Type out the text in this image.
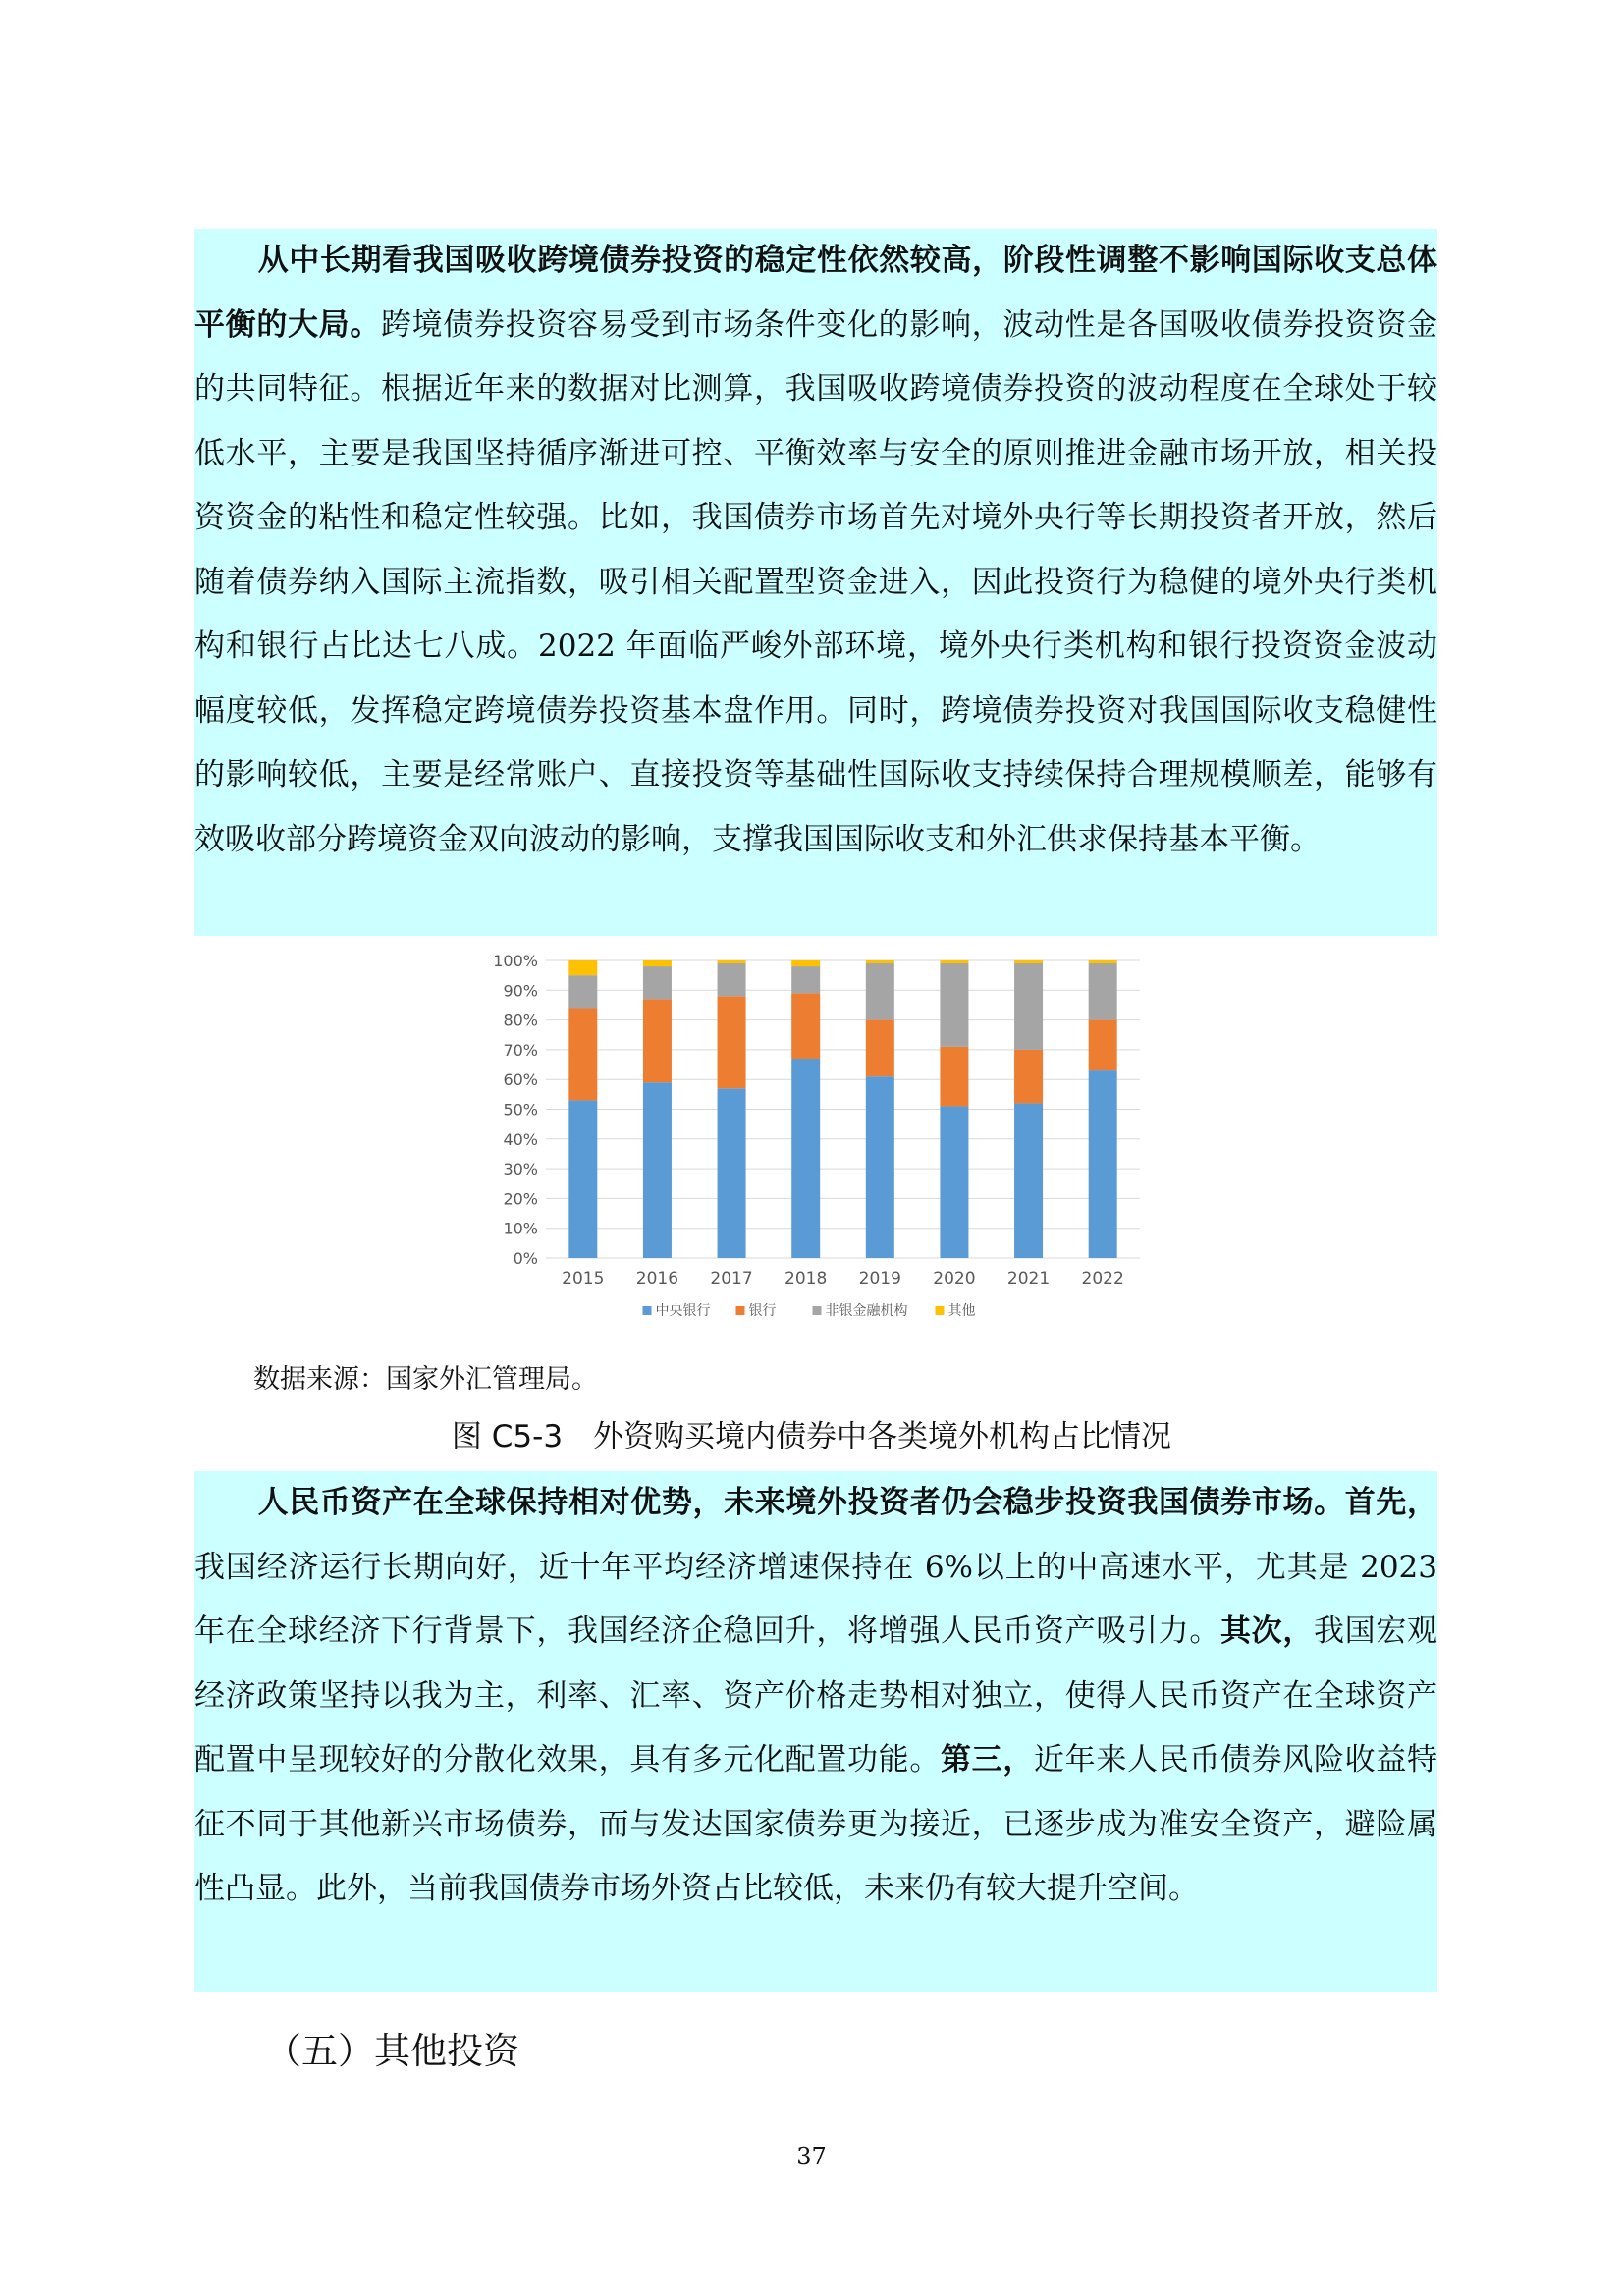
从中长期看我国吸收跨境债券投资的稳定性依然较高，阶段性调整不影响国际收支总体平衡的大局。跨境债券投资容易受到市场条件变化的影响，波动性是各国吸收债券投资资金的共同特征。根据近年来的数据对比测算，我国吸收跨境债券投资的波动程度在全球处于较低水平，主要是我国坚持循序渐进可控、平衡效率与安全的原则推进金融市场开放，相关投资资金的粘性和稳定性较强。比如，我国债券市场首先对境外央行等长期投资者开放，然后随着债券纳入国际主流指数，吸引相关配置型资金进入，因此投资行为稳健的境外央行类机构和银行占比达七八成。2022 年面临严峻外部环境，境外央行类机构和银行投资资金波动幅度较低，发挥稳定跨境债券投资基本盘作用。同时，跨境债券投资对我国国际收支稳健性的影响较低，主要是经常账户、直接投资等基础性国际收支持续保持合理规模顺差，能够有效吸收部分跨境资金双向波动的影响，支撑我国国际收支和外汇供求保持基本平衡。

0%
10%
20%
30%
40%
50%
60%
70%
80%
90%
100%
2015 2016 2017 2018 2019 2020 2021 2022
中央银行	银行	非银金融机构	其他
数据来源：国家外汇管理局。
图 C5-3　外资购买境内债券中各类境外机构占比情况

人民币资产在全球保持相对优势，未来境外投资者仍会稳步投资我国债券市场。首先，我国经济运行长期向好，近十年平均经济增速保持在 6%以上的中高速水平，尤其是 2023 年在全球经济下行背景下，我国经济企稳回升，将增强人民币资产吸引力。其次，我国宏观经济政策坚持以我为主，利率、汇率、资产价格走势相对独立，使得人民币资产在全球资产配置中呈现较好的分散化效果，具有多元化配置功能。第三，近年来人民币债券风险收益特征不同于其他新兴市场债券，而与发达国家债券更为接近，已逐步成为准安全资产，避险属性凸显。此外，当前我国债券市场外资占比较低，未来仍有较大提升空间。

（五）其他投资
37
